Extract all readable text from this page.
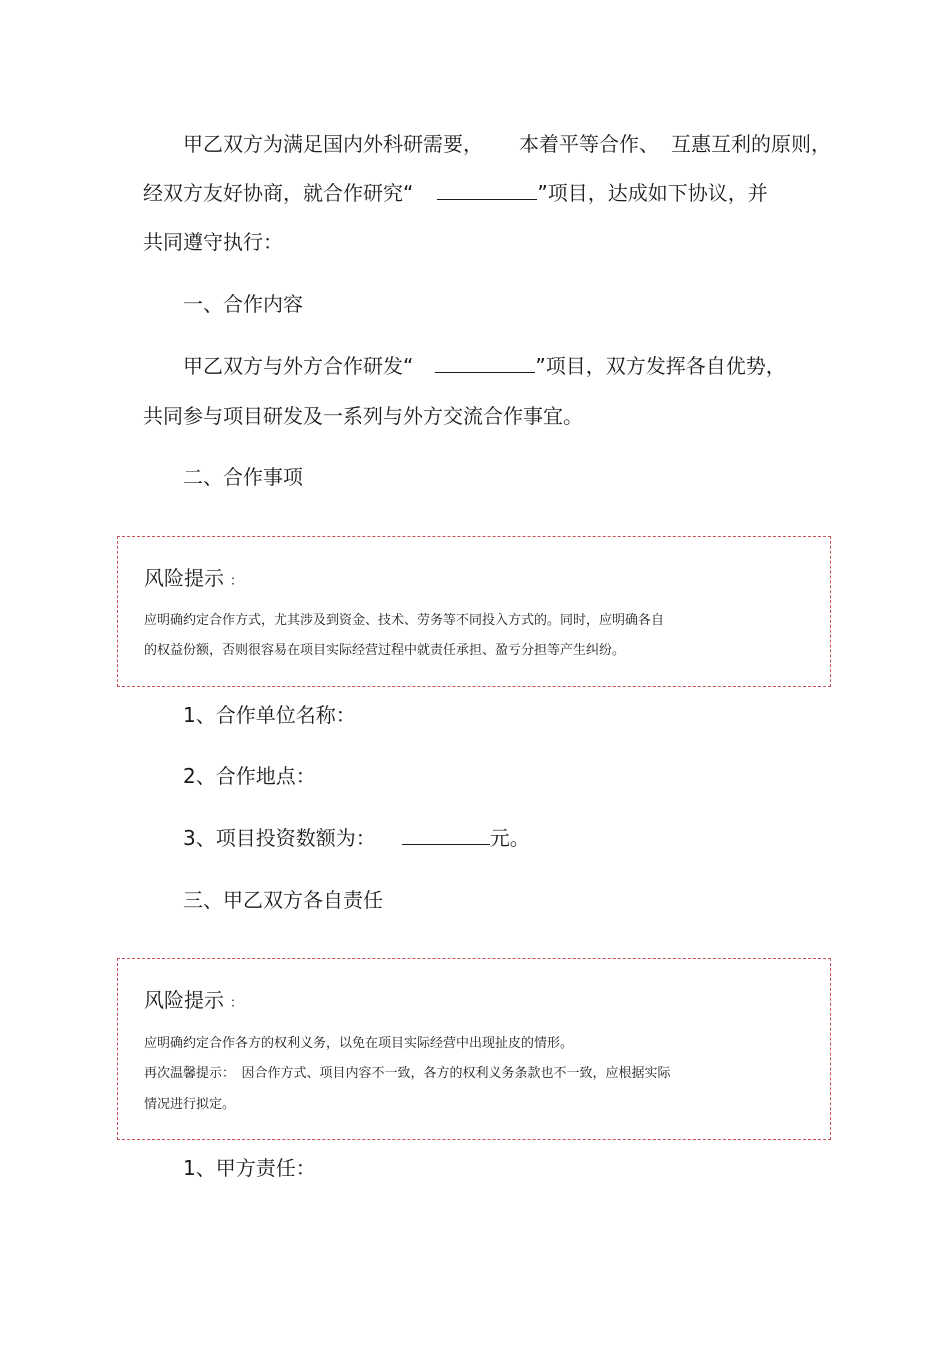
甲乙双方为满足国内外科研需要， 本着平等合作、 互惠互利的原则，
经双方友好协商，就合作研究“	”项目，达成如下协议，并
共同遵守执行：
一、合作内容
甲乙双方与外方合作研发“	”项目，双方发挥各自优势，
共同参与项目研发及一系列与外方交流合作事宜。
二、合作事项
风险提示 ：
应明确约定合作方式，尤其涉及到资金、技术、劳务等不同投入方式的。同时，应明确各自
的权益份额，否则很容易在项目实际经营过程中就责任承担、盈亏分担等产生纠纷。
1、合作单位名称：
2、合作地点：
3、项目投资数额为：	元。
三、甲乙双方各自责任
风险提示 ：
应明确约定合作各方的权利义务，以免在项目实际经营中出现扯皮的情形。
再次温馨提示：　因合作方式、项目内容不一致，各方的权利义务条款也不一致，应根据实际
情况进行拟定。
1、甲方责任：
